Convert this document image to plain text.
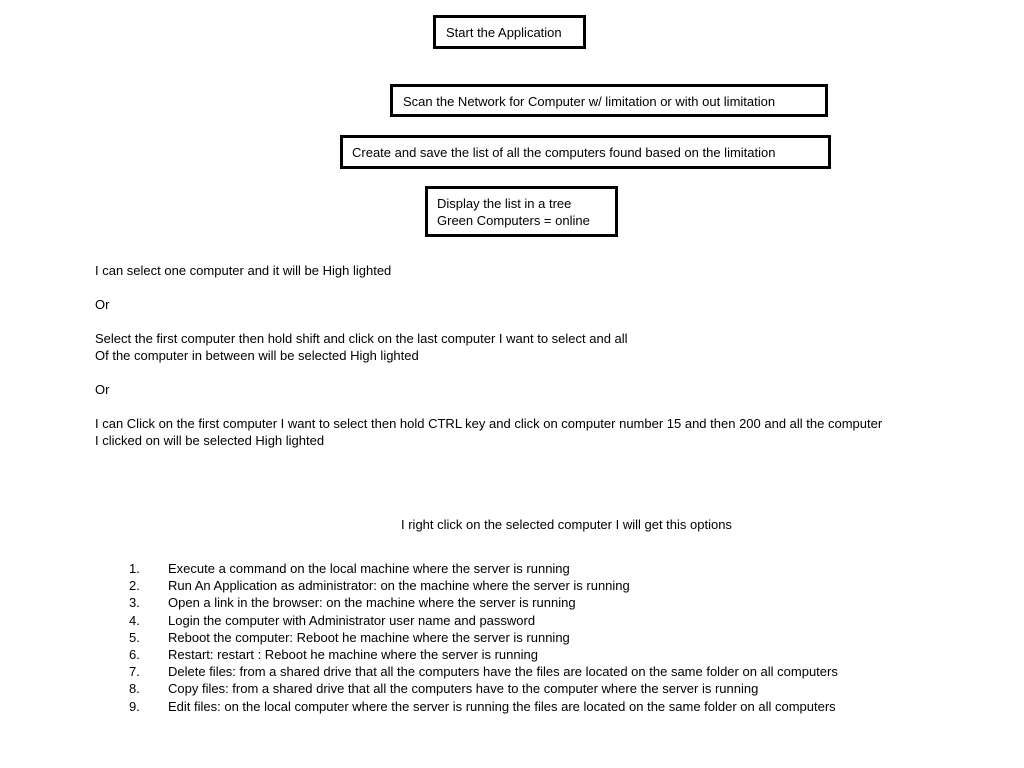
Start the Application
Scan the Network for Computer w/ limitation or with out limitation
Create and save the list of all the computers found based on the limitation
Display the list in a tree
Green Computers = online
I can select one computer and it will be High lighted
Or
Select the first computer then hold shift and click on the last computer I want to select and all
Of the computer in between will be selected High lighted
Or
I can Click on the first computer I want to select then hold CTRL key and click on computer number 15 and then 200 and all the computer
I clicked on will be selected High lighted
I right click on the selected computer I will get this options
1. Execute a command on the local machine where the server is running
2. Run An Application as administrator: on the machine where the server is running
3. Open a link in the browser: on the machine where the server is running
4. Login the computer with Administrator user name and password
5. Reboot the computer: Reboot he machine where the server is running
6. Restart: restart : Reboot he machine where the server is running
7. Delete files: from a shared drive that all the computers have the files are located on the same folder on all computers
8. Copy files: from a shared drive that all the computers have to the computer where the server is running
9. Edit files: on the local computer where the server is running the files are located on the same folder on all computers
